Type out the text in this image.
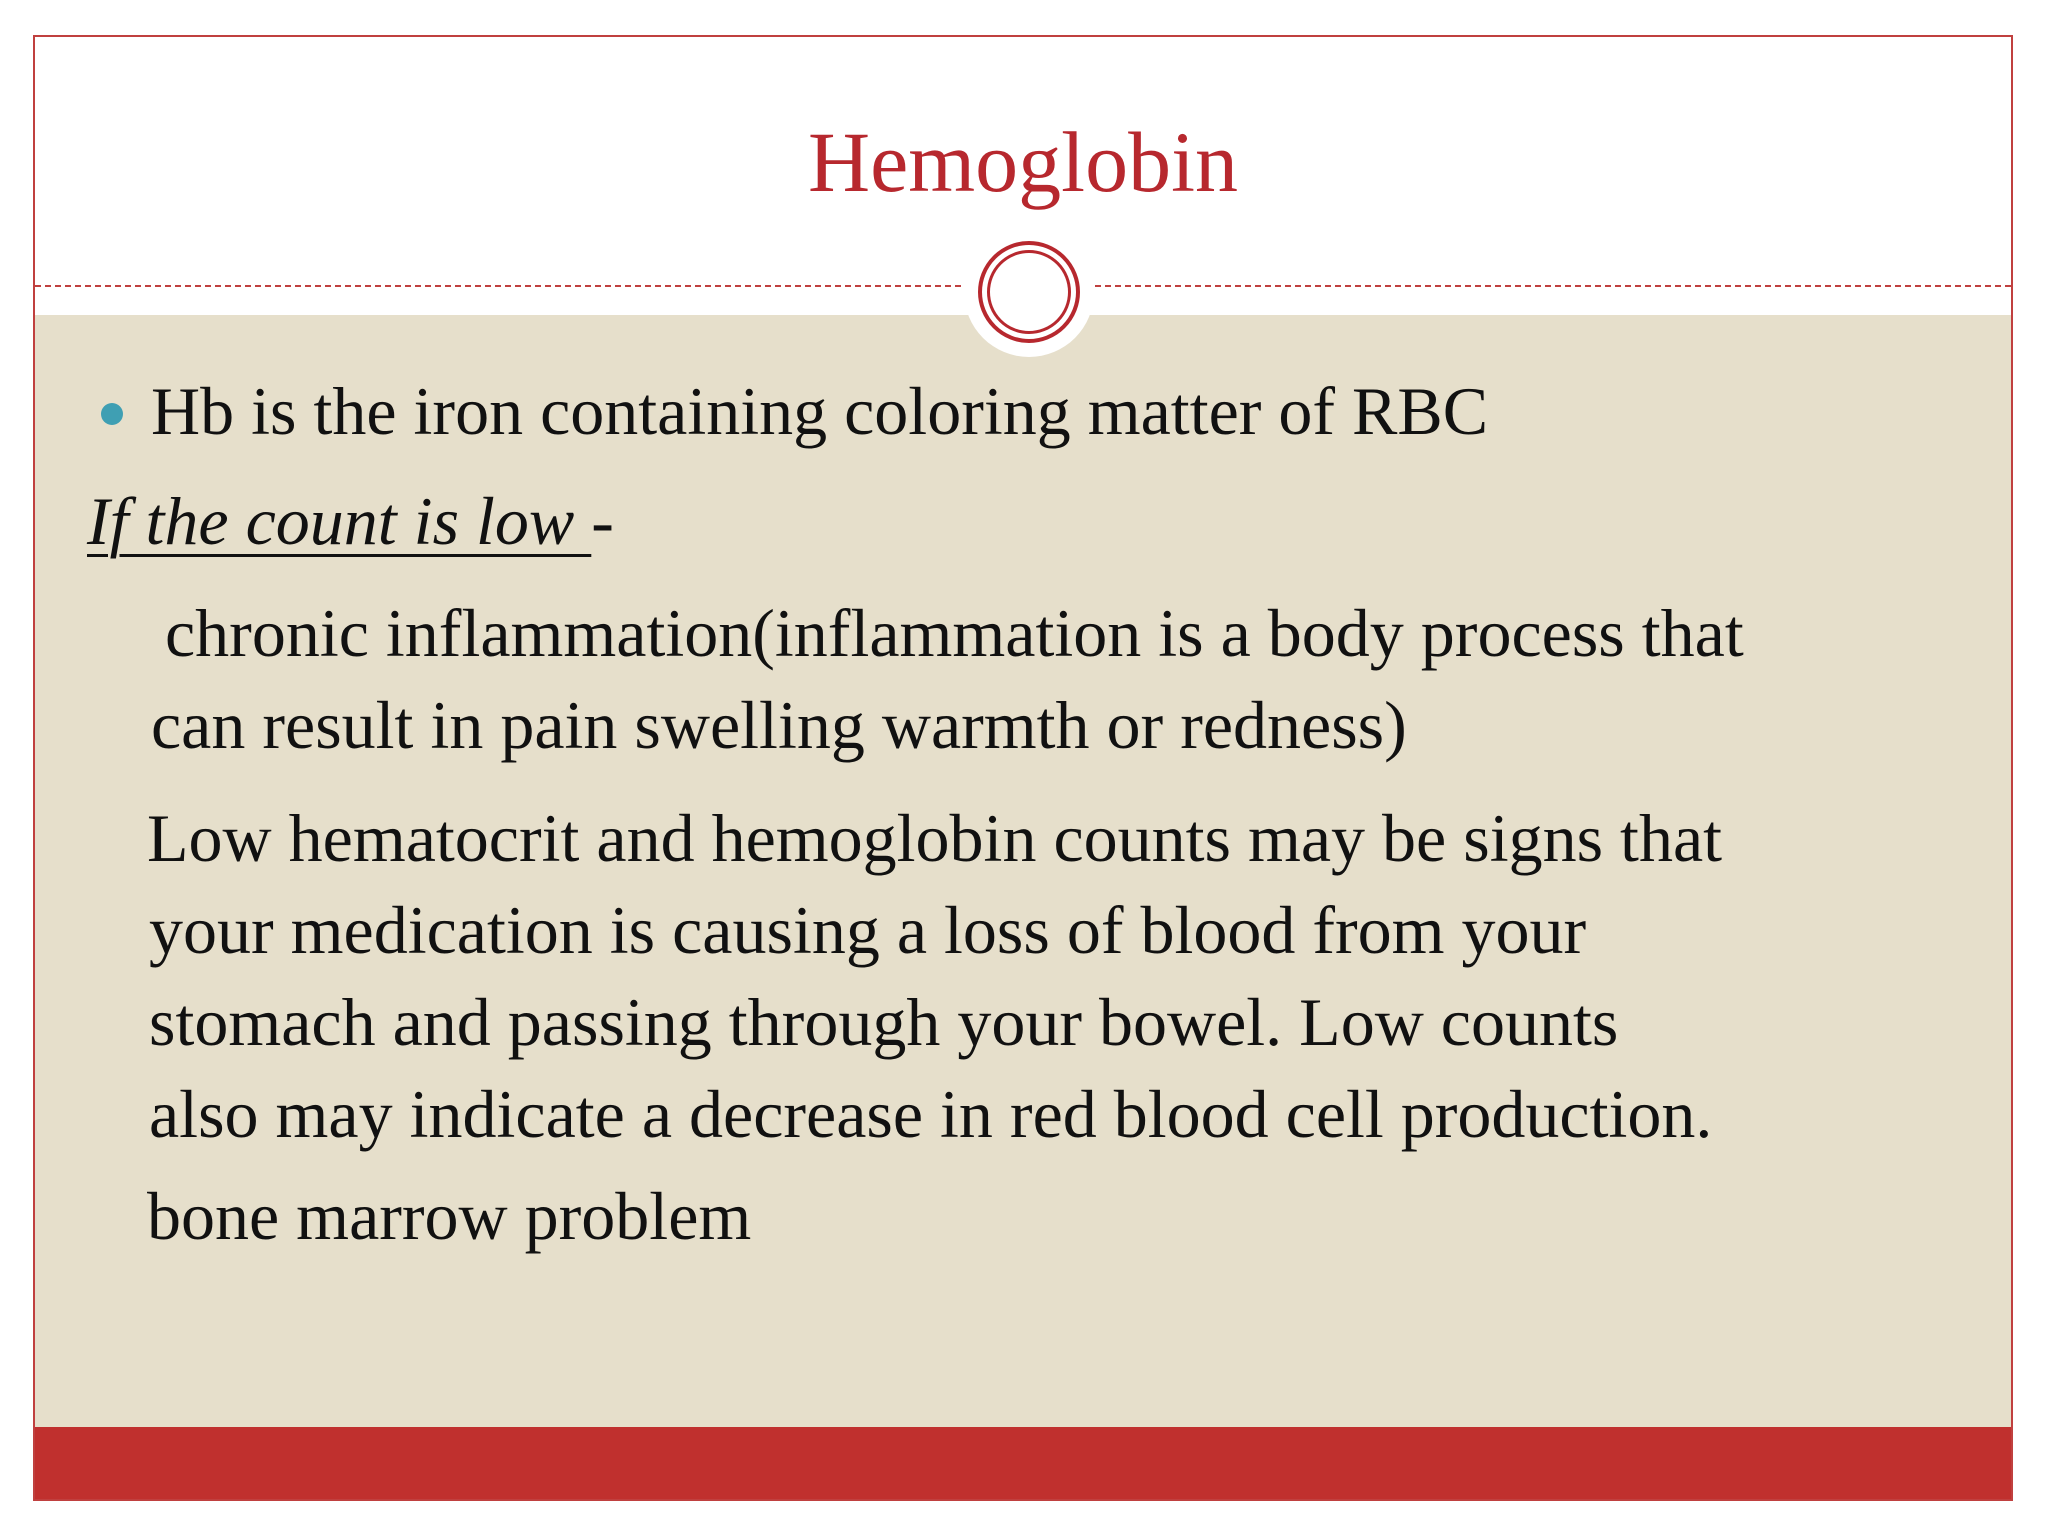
Hemoglobin
Hb is the iron containing coloring matter of RBC
If the count is low -
chronic inflammation(inflammation is a body process that
can result in pain swelling warmth or redness)
Low hematocrit and hemoglobin counts may be signs that
your medication is causing a loss of blood from your
stomach and passing through your bowel. Low counts
also may indicate a decrease in red blood cell production.
bone marrow problem
